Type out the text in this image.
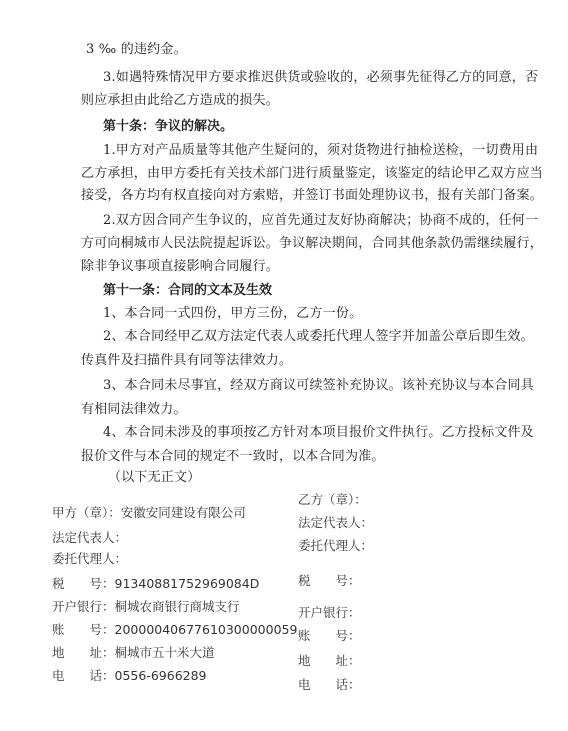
3 ‰ 的违约金。
3.如遇特殊情况甲方要求推迟供货或验收的，必须事先征得乙方的同意，否
则应承担由此给乙方造成的损失。
第十条：争议的解决。
1.甲方对产品质量等其他产生疑问的，须对货物进行抽检送检，一切费用由
乙方承担，由甲方委托有关技术部门进行质量鉴定，该鉴定的结论甲乙双方应当
接受，各方均有权直接向对方索赔，并签订书面处理协议书，报有关部门备案。
2.双方因合同产生争议的，应首先通过友好协商解决；协商不成的，任何一
方可向桐城市人民法院提起诉讼。争议解决期间，合同其他条款仍需继续履行，
除非争议事项直接影响合同履行。
第十一条：合同的文本及生效
1、本合同一式四份，甲方三份，乙方一份。
2、本合同经甲乙双方法定代表人或委托代理人签字并加盖公章后即生效。
传真件及扫描件具有同等法律效力。
3、本合同未尽事宜，经双方商议可续签补充协议。该补充协议与本合同具
有相同法律效力。
4、本合同未涉及的事项按乙方针对本项目报价文件执行。乙方投标文件及
报价文件与本合同的规定不一致时，以本合同为准。
（以下无正文）
甲方（章）：安徽安同建设有限公司
法定代表人：
委托代理人：
税　　号：91340881752969084D
开户银行：桐城农商银行商城支行
账　　号：20000040677610300000059
地　　址：桐城市五十米大道
电　　话：0556-6966289
乙方（章）：
法定代表人：
委托代理人：
税　　号：
开户银行：
账　　号：
地　　址：
电　　话：
